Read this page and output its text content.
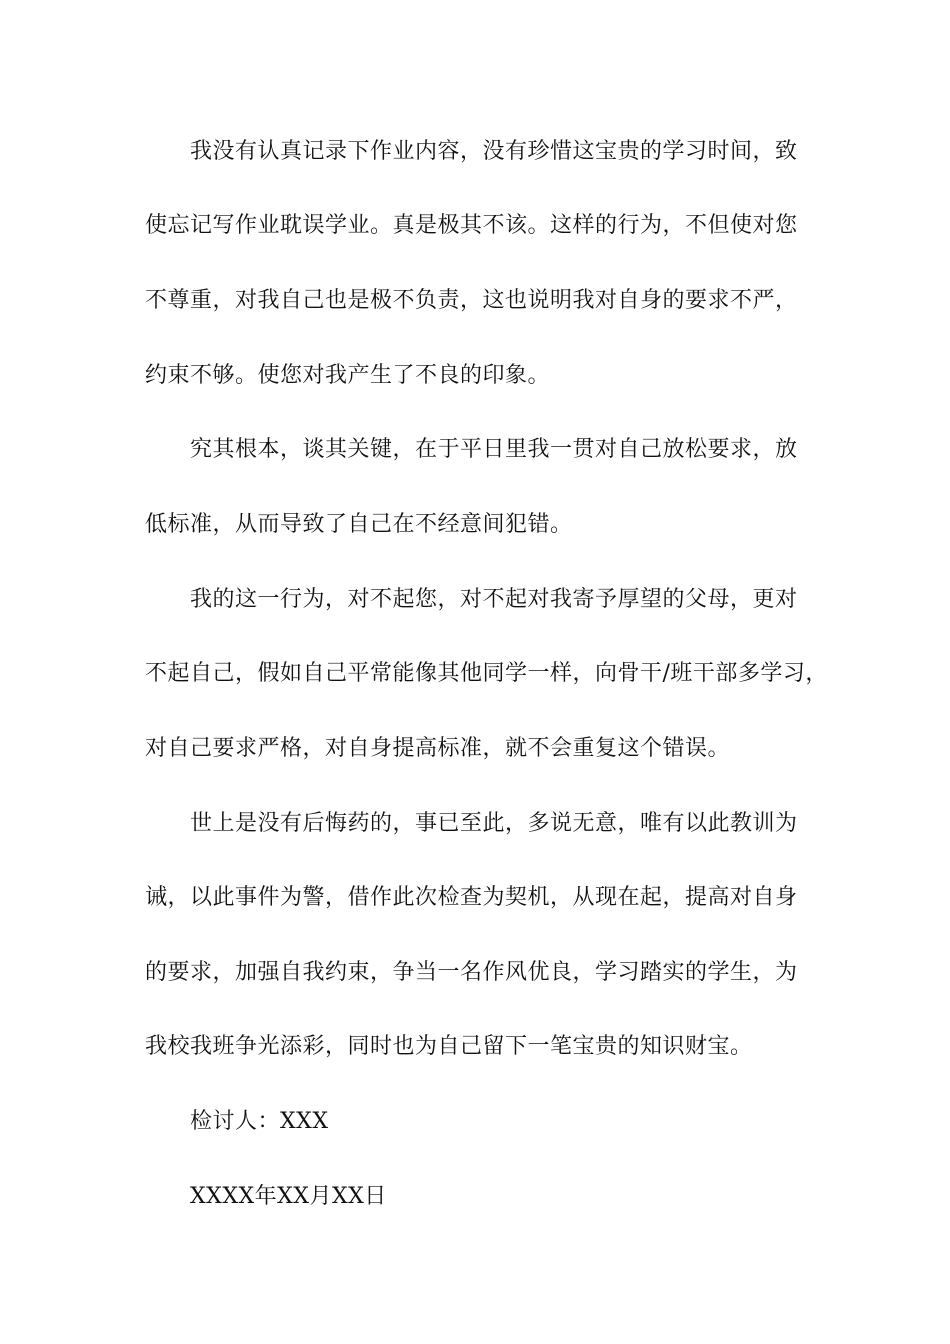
我没有认真记录下作业内容，没有珍惜这宝贵的学习时间，致
使忘记写作业耽误学业。真是极其不该。这样的行为，不但使对您
不尊重，对我自己也是极不负责，这也说明我对自身的要求不严，
约束不够。使您对我产生了不良的印象。
究其根本，谈其关键，在于平日里我一贯对自己放松要求，放
低标准，从而导致了自己在不经意间犯错。
我的这一行为，对不起您，对不起对我寄予厚望的父母，更对
不起自己，假如自己平常能像其他同学一样，向骨干/班干部多学习，
对自己要求严格，对自身提高标准，就不会重复这个错误。
世上是没有后悔药的，事已至此，多说无意，唯有以此教训为
诫，以此事件为警，借作此次检查为契机，从现在起，提高对自身
的要求，加强自我约束，争当一名作风优良，学习踏实的学生，为
我校我班争光添彩，同时也为自己留下一笔宝贵的知识财宝。
检讨人：XXX
XXXX年XX月XX日
